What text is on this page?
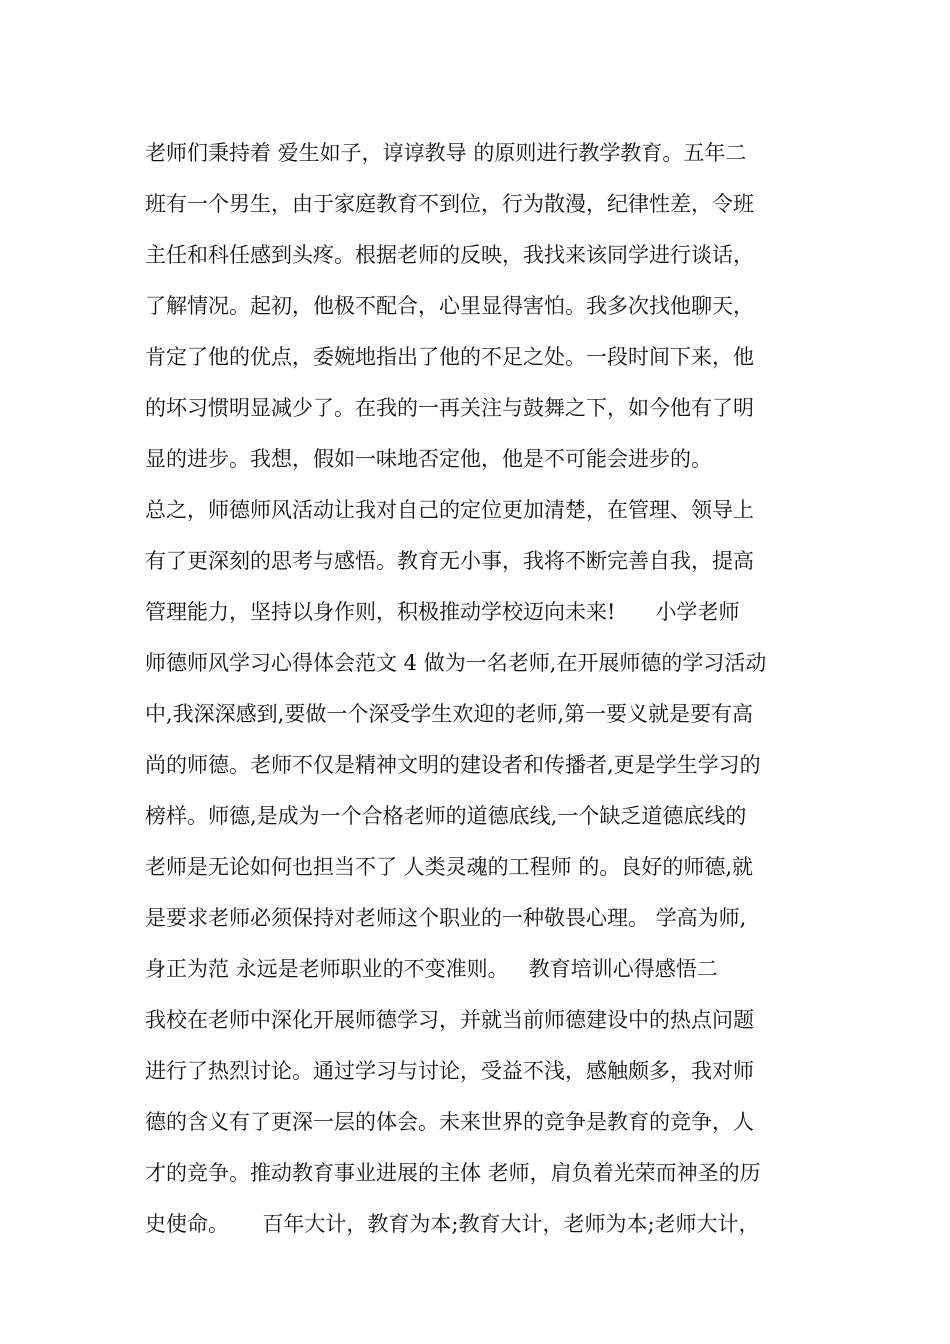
老师们秉持着 爱生如子，谆谆教导 的原则进行教学教育。五年二
班有一个男生，由于家庭教育不到位，行为散漫，纪律性差，令班
主任和科任感到头疼。根据老师的反映，我找来该同学进行谈话，
了解情况。起初，他极不配合，心里显得害怕。我多次找他聊天，
肯定了他的优点，委婉地指出了他的不足之处。一段时间下来，他
的坏习惯明显减少了。在我的一再关注与鼓舞之下，如今他有了明
显的进步。我想，假如一味地否定他，他是不可能会进步的。
总之，师德师风活动让我对自己的定位更加清楚，在管理、领导上
有了更深刻的思考与感悟。教育无小事，我将不断完善自我，提高
管理能力，坚持以身作则，积极推动学校迈向未来!      小学老师
师德师风学习心得体会范文 4 做为一名老师,在开展师德的学习活动
中,我深深感到,要做一个深受学生欢迎的老师,第一要义就是要有高
尚的师德。老师不仅是精神文明的建设者和传播者,更是学生学习的
榜样。师德,是成为一个合格老师的道德底线,一个缺乏道德底线的
老师是无论如何也担当不了 人类灵魂的工程师 的。良好的师德,就
是要求老师必须保持对老师这个职业的一种敬畏心理。 学高为师,
身正为范 永远是老师职业的不变准则。   教育培训心得感悟二
我校在老师中深化开展师德学习，并就当前师德建设中的热点问题
进行了热烈讨论。通过学习与讨论，受益不浅，感触颇多，我对师
德的含义有了更深一层的体会。未来世界的竞争是教育的竞争，人
才的竞争。推动教育事业进展的主体 老师，肩负着光荣而神圣的历
史使命。     百年大计，教育为本;教育大计，老师为本;老师大计，
